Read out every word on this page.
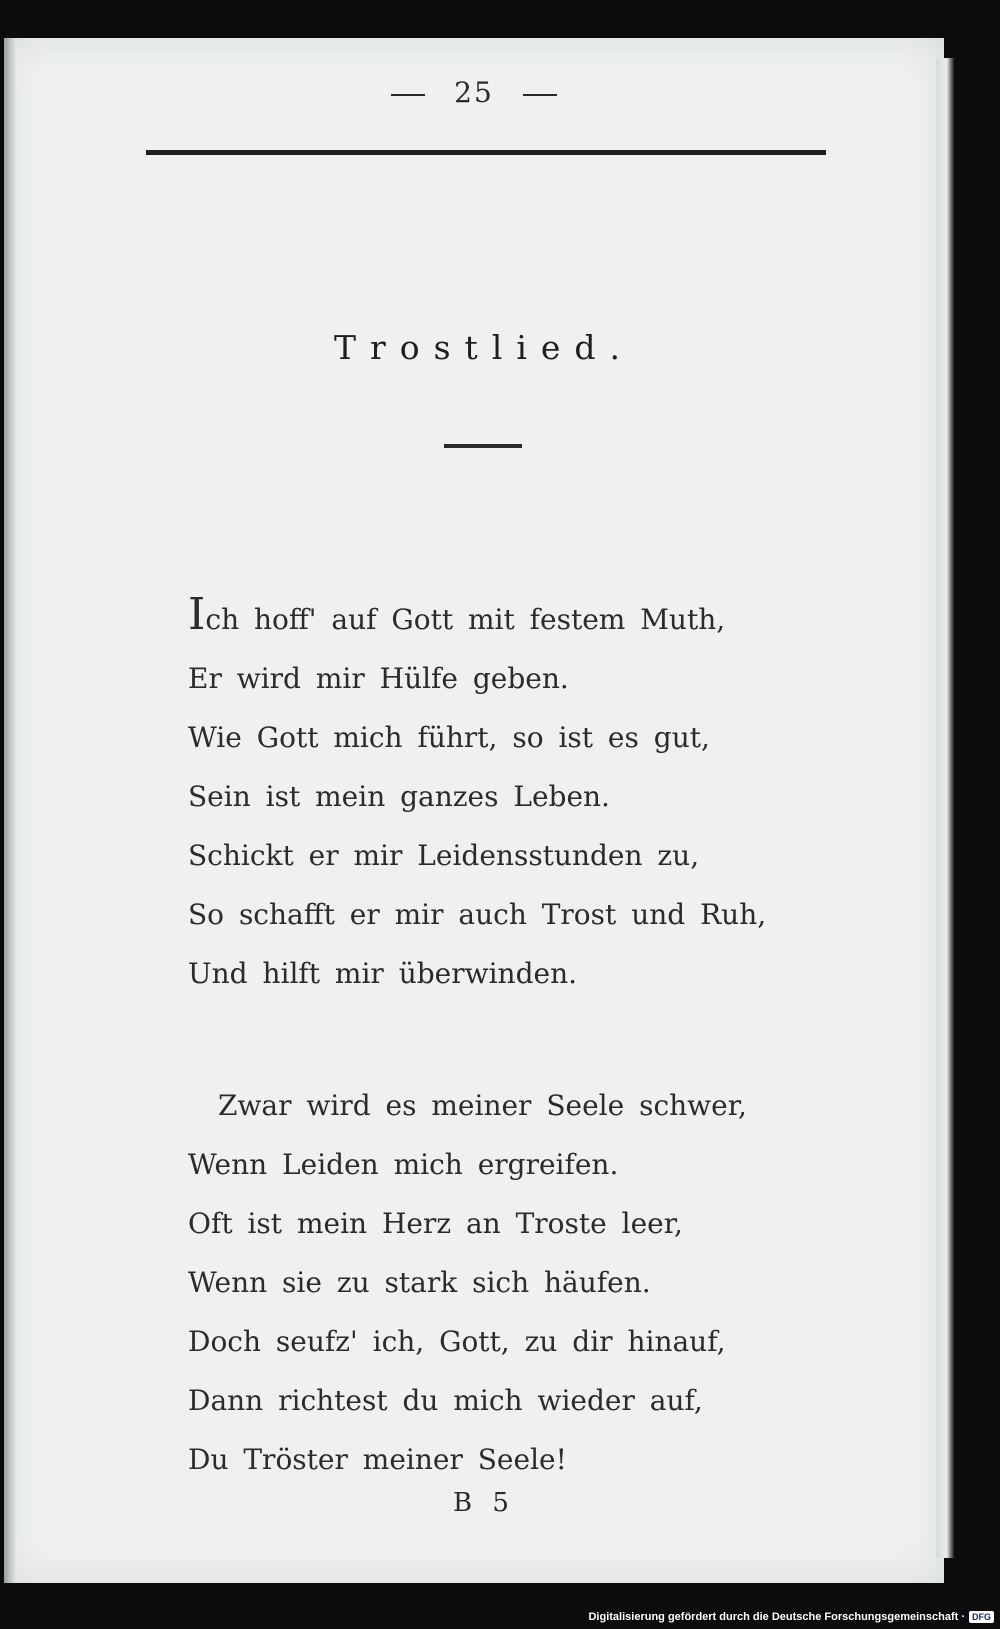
25
Trostlied.
Ich hoff' auf Gott mit festem Muth,
Er wird mir Hülfe geben.
Wie Gott mich führt, so ist es gut,
Sein ist mein ganzes Leben.
Schickt er mir Leidensstunden zu,
So schafft er mir auch Trost und Ruh,
Und hilft mir überwinden.
Zwar wird es meiner Seele schwer,
Wenn Leiden mich ergreifen.
Oft ist mein Herz an Troste leer,
Wenn sie zu stark sich häufen.
Doch seufz' ich, Gott, zu dir hinauf,
Dann richtest du mich wieder auf,
Du Tröster meiner Seele!
B 5
Digitalisierung gefördert durch die Deutsche Forschungsgemeinschaft · DFG
